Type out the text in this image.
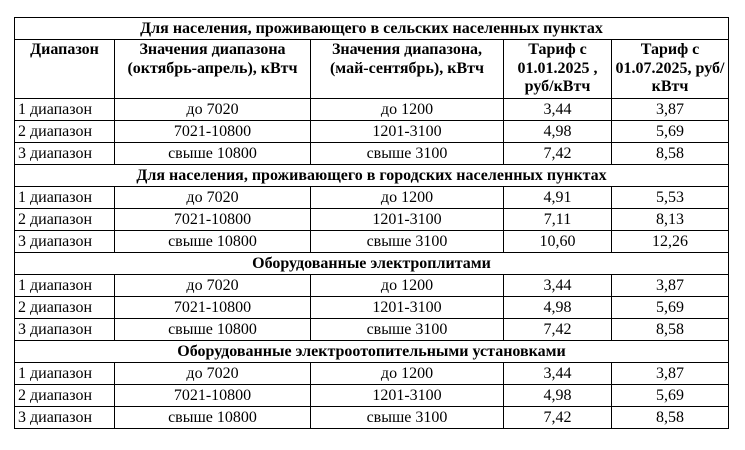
Для населения, проживающего в сельских населенных пунктах				
Диапазон	Значения диапазона (октябрь-апрель), кВтч	Значения диапазона, (май-сентябрь), кВтч	Тариф с 01.01.2025 , руб/кВтч	Тариф с 01.07.2025, руб/кВтч
1 диапазон	до 7020	до 1200	3,44	3,87
2 диапазон	7021-10800	1201-3100	4,98	5,69
3 диапазон	свыше 10800	свыше 3100	7,42	8,58
Для населения, проживающего в городских населенных пунктах				
1 диапазон	до 7020	до 1200	4,91	5,53
2 диапазон	7021-10800	1201-3100	7,11	8,13
3 диапазон	свыше 10800	свыше 3100	10,60	12,26
Оборудованные электроплитами				
1 диапазон	до 7020	до 1200	3,44	3,87
2 диапазон	7021-10800	1201-3100	4,98	5,69
3 диапазон	свыше 10800	свыше 3100	7,42	8,58
Оборудованные электроотопительными установками				
1 диапазон	до 7020	до 1200	3,44	3,87
2 диапазон	7021-10800	1201-3100	4,98	5,69
3 диапазон	свыше 10800	свыше 3100	7,42	8,58
